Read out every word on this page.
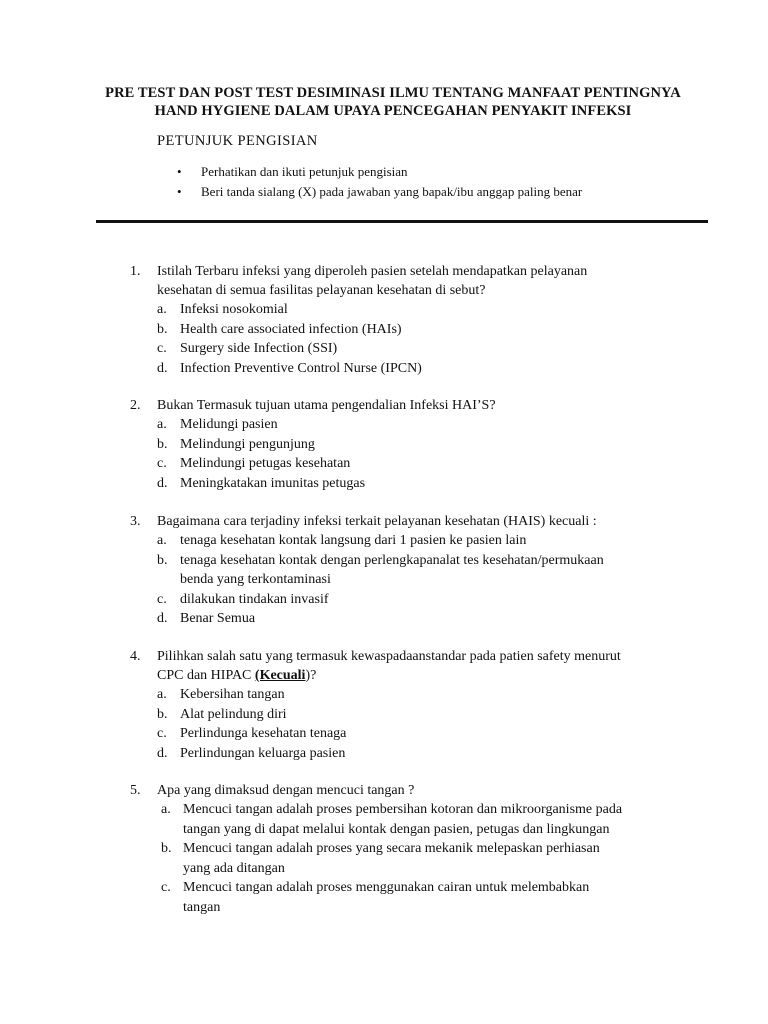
PRE TEST DAN POST TEST DESIMINASI ILMU TENTANG MANFAAT PENTINGNYA
HAND HYGIENE DALAM UPAYA PENCEGAHAN PENYAKIT INFEKSI
PETUNJUK PENGISIAN
• Perhatikan dan ikuti petunjuk pengisian
• Beri tanda sialang (X) pada jawaban yang bapak/ibu anggap paling benar
1. Istilah Terbaru infeksi yang diperoleh pasien setelah mendapatkan pelayanan
kesehatan di semua fasilitas pelayanan kesehatan di sebut?
a. Infeksi nosokomial
b. Health care associated infection (HAIs)
c. Surgery side Infection (SSI)
d. Infection Preventive Control Nurse (IPCN)
2. Bukan Termasuk tujuan utama pengendalian Infeksi HAI’S?
a. Melidungi pasien
b. Melindungi pengunjung
c. Melindungi petugas kesehatan
d. Meningkatakan imunitas petugas
3. Bagaimana cara terjadiny infeksi terkait pelayanan kesehatan (HAIS) kecuali :
a. tenaga kesehatan kontak langsung dari 1 pasien ke pasien lain
b. tenaga kesehatan kontak dengan perlengkapanalat tes kesehatan/permukaan
benda yang terkontaminasi
c. dilakukan tindakan invasif
d. Benar Semua
4. Pilihkan salah satu yang termasuk kewaspadaanstandar pada patien safety menurut
CPC dan HIPAC (Kecuali)?
a. Kebersihan tangan
b. Alat pelindung diri
c. Perlindunga kesehatan tenaga
d. Perlindungan keluarga pasien
5. Apa yang dimaksud dengan mencuci tangan ?
a. Mencuci tangan adalah proses pembersihan kotoran dan mikroorganisme pada
tangan yang di dapat melalui kontak dengan pasien, petugas dan lingkungan
b. Mencuci tangan adalah proses yang secara mekanik melepaskan perhiasan
yang ada ditangan
c. Mencuci tangan adalah proses menggunakan cairan untuk melembabkan
tangan
